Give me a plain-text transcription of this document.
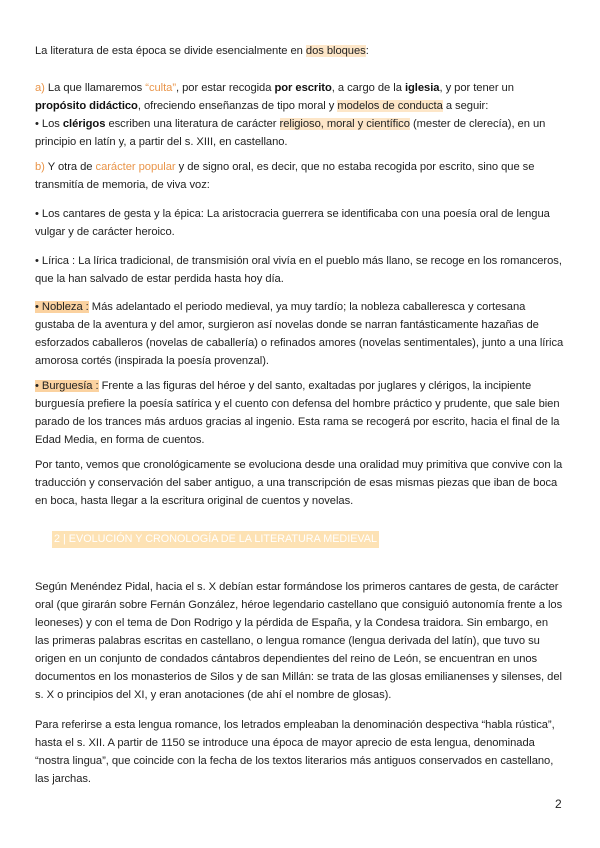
La literatura de esta época se divide esencialmente en dos bloques:

a) La que llamaremos “culta”, por estar recogida por escrito, a cargo de la iglesia, y por tener un propósito didáctico, ofreciendo enseñanzas de tipo moral y modelos de conducta a seguir:
• Los clérigos escriben una literatura de carácter religioso, moral y científico (mester de clerecía), en un principio en latín y, a partir del s. XIII, en castellano.

b) Y otra de carácter popular y de signo oral, es decir, que no estaba recogida por escrito, sino que se transmitía de memoria, de viva voz:

• Los cantares de gesta y la épica: La aristocracia guerrera se identificaba con una poesía oral de lengua vulgar y de carácter heroico.

• Lírica : La lírica tradicional, de transmisión oral vivía en el pueblo más llano, se recoge en los romanceros, que la han salvado de estar perdida hasta hoy día.

• Nobleza : Más adelantado el periodo medieval, ya muy tardío; la nobleza caballeresca y cortesana gustaba de la aventura y del amor, surgieron así novelas donde se narran fantásticamente hazañas de esforzados caballeros (novelas de caballería) o refinados amores (novelas sentimentales), junto a una lírica amorosa cortés (inspirada la poesía provenzal).

• Burguesía : Frente a las figuras del héroe y del santo, exaltadas por juglares y clérigos, la incipiente burguesía prefiere la poesía satírica y el cuento con defensa del hombre práctico y prudente, que sale bien parado de los trances más arduos gracias al ingenio. Esta rama se recogerá por escrito, hacia el final de la Edad Media, en forma de cuentos.

Por tanto, vemos que cronológicamente se evoluciona desde una oralidad muy primitiva que convive con la traducción y conservación del saber antiguo, a una transcripción de esas mismas piezas que iban de boca en boca, hasta llegar a la escritura original de cuentos y novelas.

2 | EVOLUCIÓN Y CRONOLOGÍA DE LA LITERATURA MEDIEVAL

Según Menéndez Pidal, hacia el s. X debían estar formándose los primeros cantares de gesta, de carácter oral (que girarán sobre Fernán González, héroe legendario castellano que consiguió autonomía frente a los leoneses) y con el tema de Don Rodrigo y la pérdida de España, y la Condesa traidora. Sin embargo, en las primeras palabras escritas en castellano, o lengua romance (lengua derivada del latín), que tuvo su origen en un conjunto de condados cántabros dependientes del reino de León, se encuentran en unos documentos en los monasterios de Silos y de san Millán: se trata de las glosas emilianenses y silenses, del s. X o principios del XI, y eran anotaciones (de ahí el nombre de glosas).

Para referirse a esta lengua romance, los letrados empleaban la denominación despectiva “habla rústica”, hasta el s. XII. A partir de 1150 se introduce una época de mayor aprecio de esta lengua, denominada “nostra lingua”, que coincide con la fecha de los textos literarios más antiguos conservados en castellano, las jarchas.

2
